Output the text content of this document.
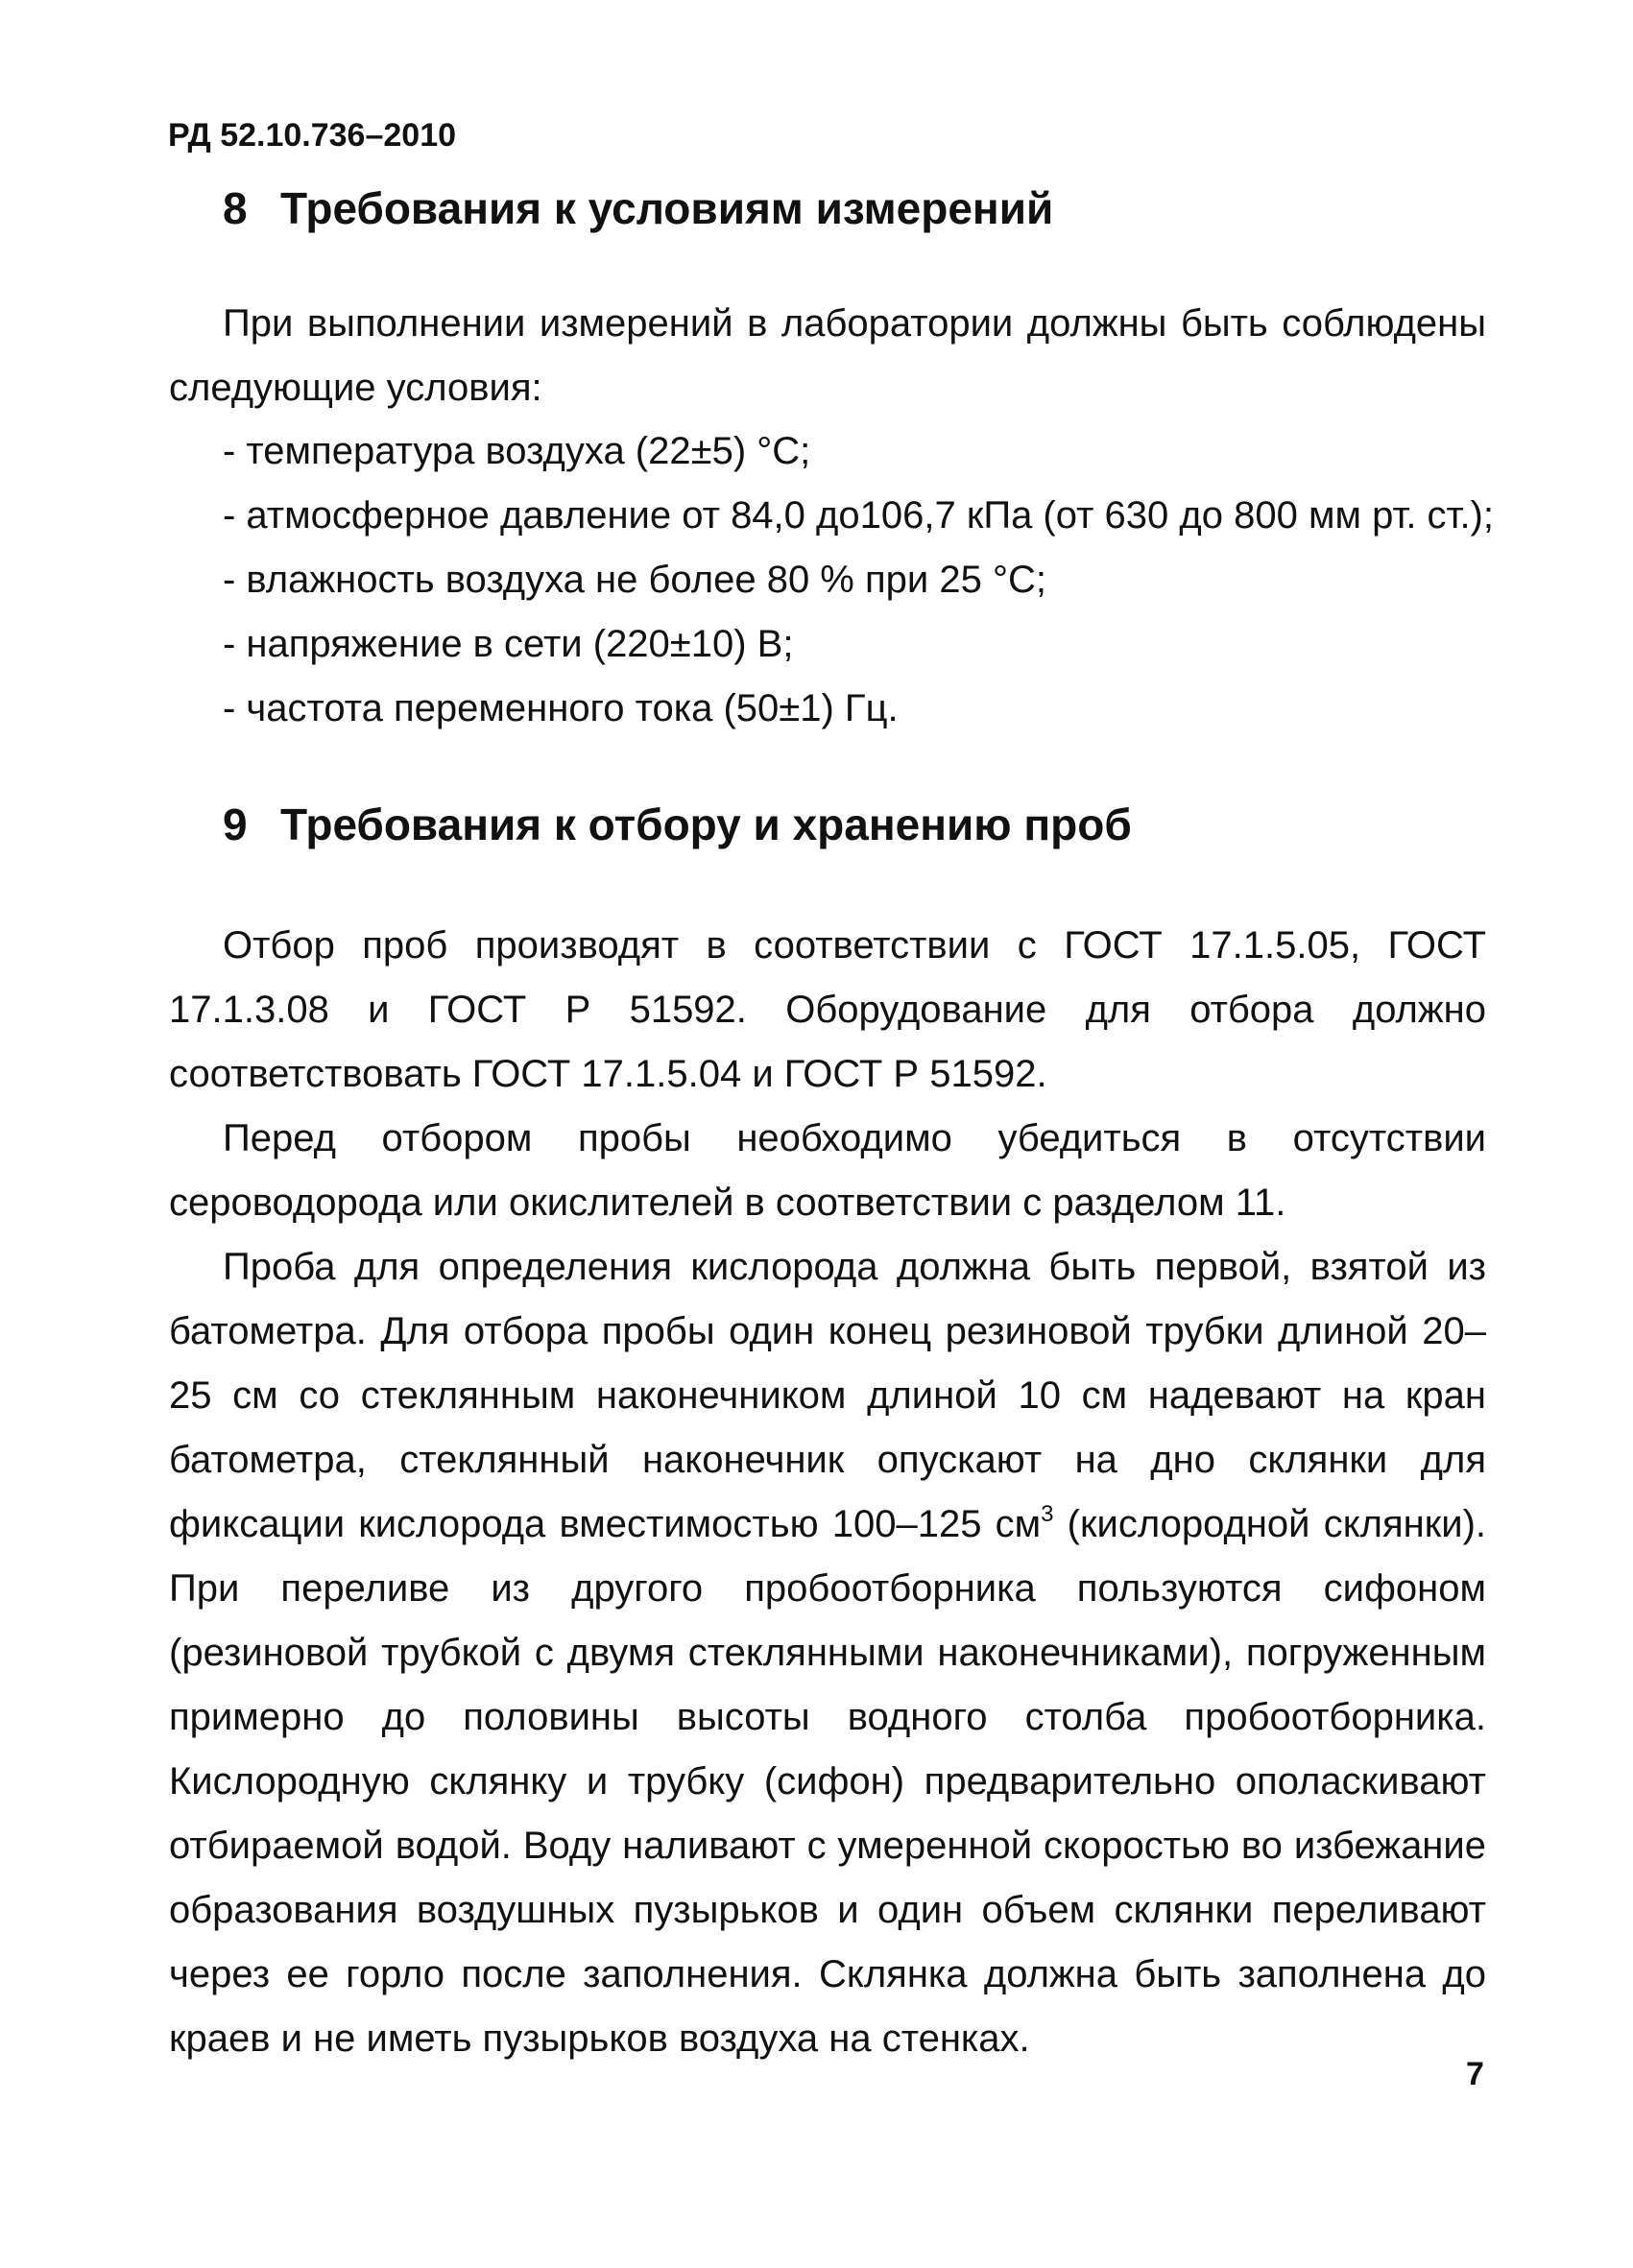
РД 52.10.736–2010
8 Требования к условиям измерений

При выполнении измерений в лаборатории должны быть соблюдены следующие условия:

- температура воздуха (22±5) °С;
- атмосферное давление от 84,0 до106,7 кПа (от 630 до 800 мм рт. ст.);
- влажность воздуха не более 80 % при 25 °С;
- напряжение в сети (220±10) В;
- частота переменного тока (50±1) Гц.
9 Требования к отбору и хранению проб

Отбор проб производят в соответствии с ГОСТ 17.1.5.05, ГОСТ 17.1.3.08 и ГОСТ Р 51592. Оборудование для отбора должно соответствовать ГОСТ 17.1.5.04 и ГОСТ Р 51592.

Перед отбором пробы необходимо убедиться в отсутствии сероводорода или окислителей в соответствии с разделом 11.

Проба для определения кислорода должна быть первой, взятой из батометра. Для отбора пробы один конец резиновой трубки длиной 20–25 см со стеклянным наконечником длиной 10 см надевают на кран батометра, стеклянный наконечник опускают на дно склянки для фиксации кислорода вместимостью 100–125 $см^3$ (кислородной склянки). При переливе из другого пробоотборника пользуются сифоном (резиновой трубкой с двумя стеклянными наконечниками), погруженным примерно до половины высоты водного столба пробоотборника. Кислородную склянку и трубку (сифон) предварительно ополаскивают отбираемой водой. Воду наливают с умеренной скоростью во избежание образования воздушных пузырьков и один объем склянки переливают через ее горло после заполнения. Склянка должна быть заполнена до краев и не иметь пузырьков воздуха на стенках.

7
